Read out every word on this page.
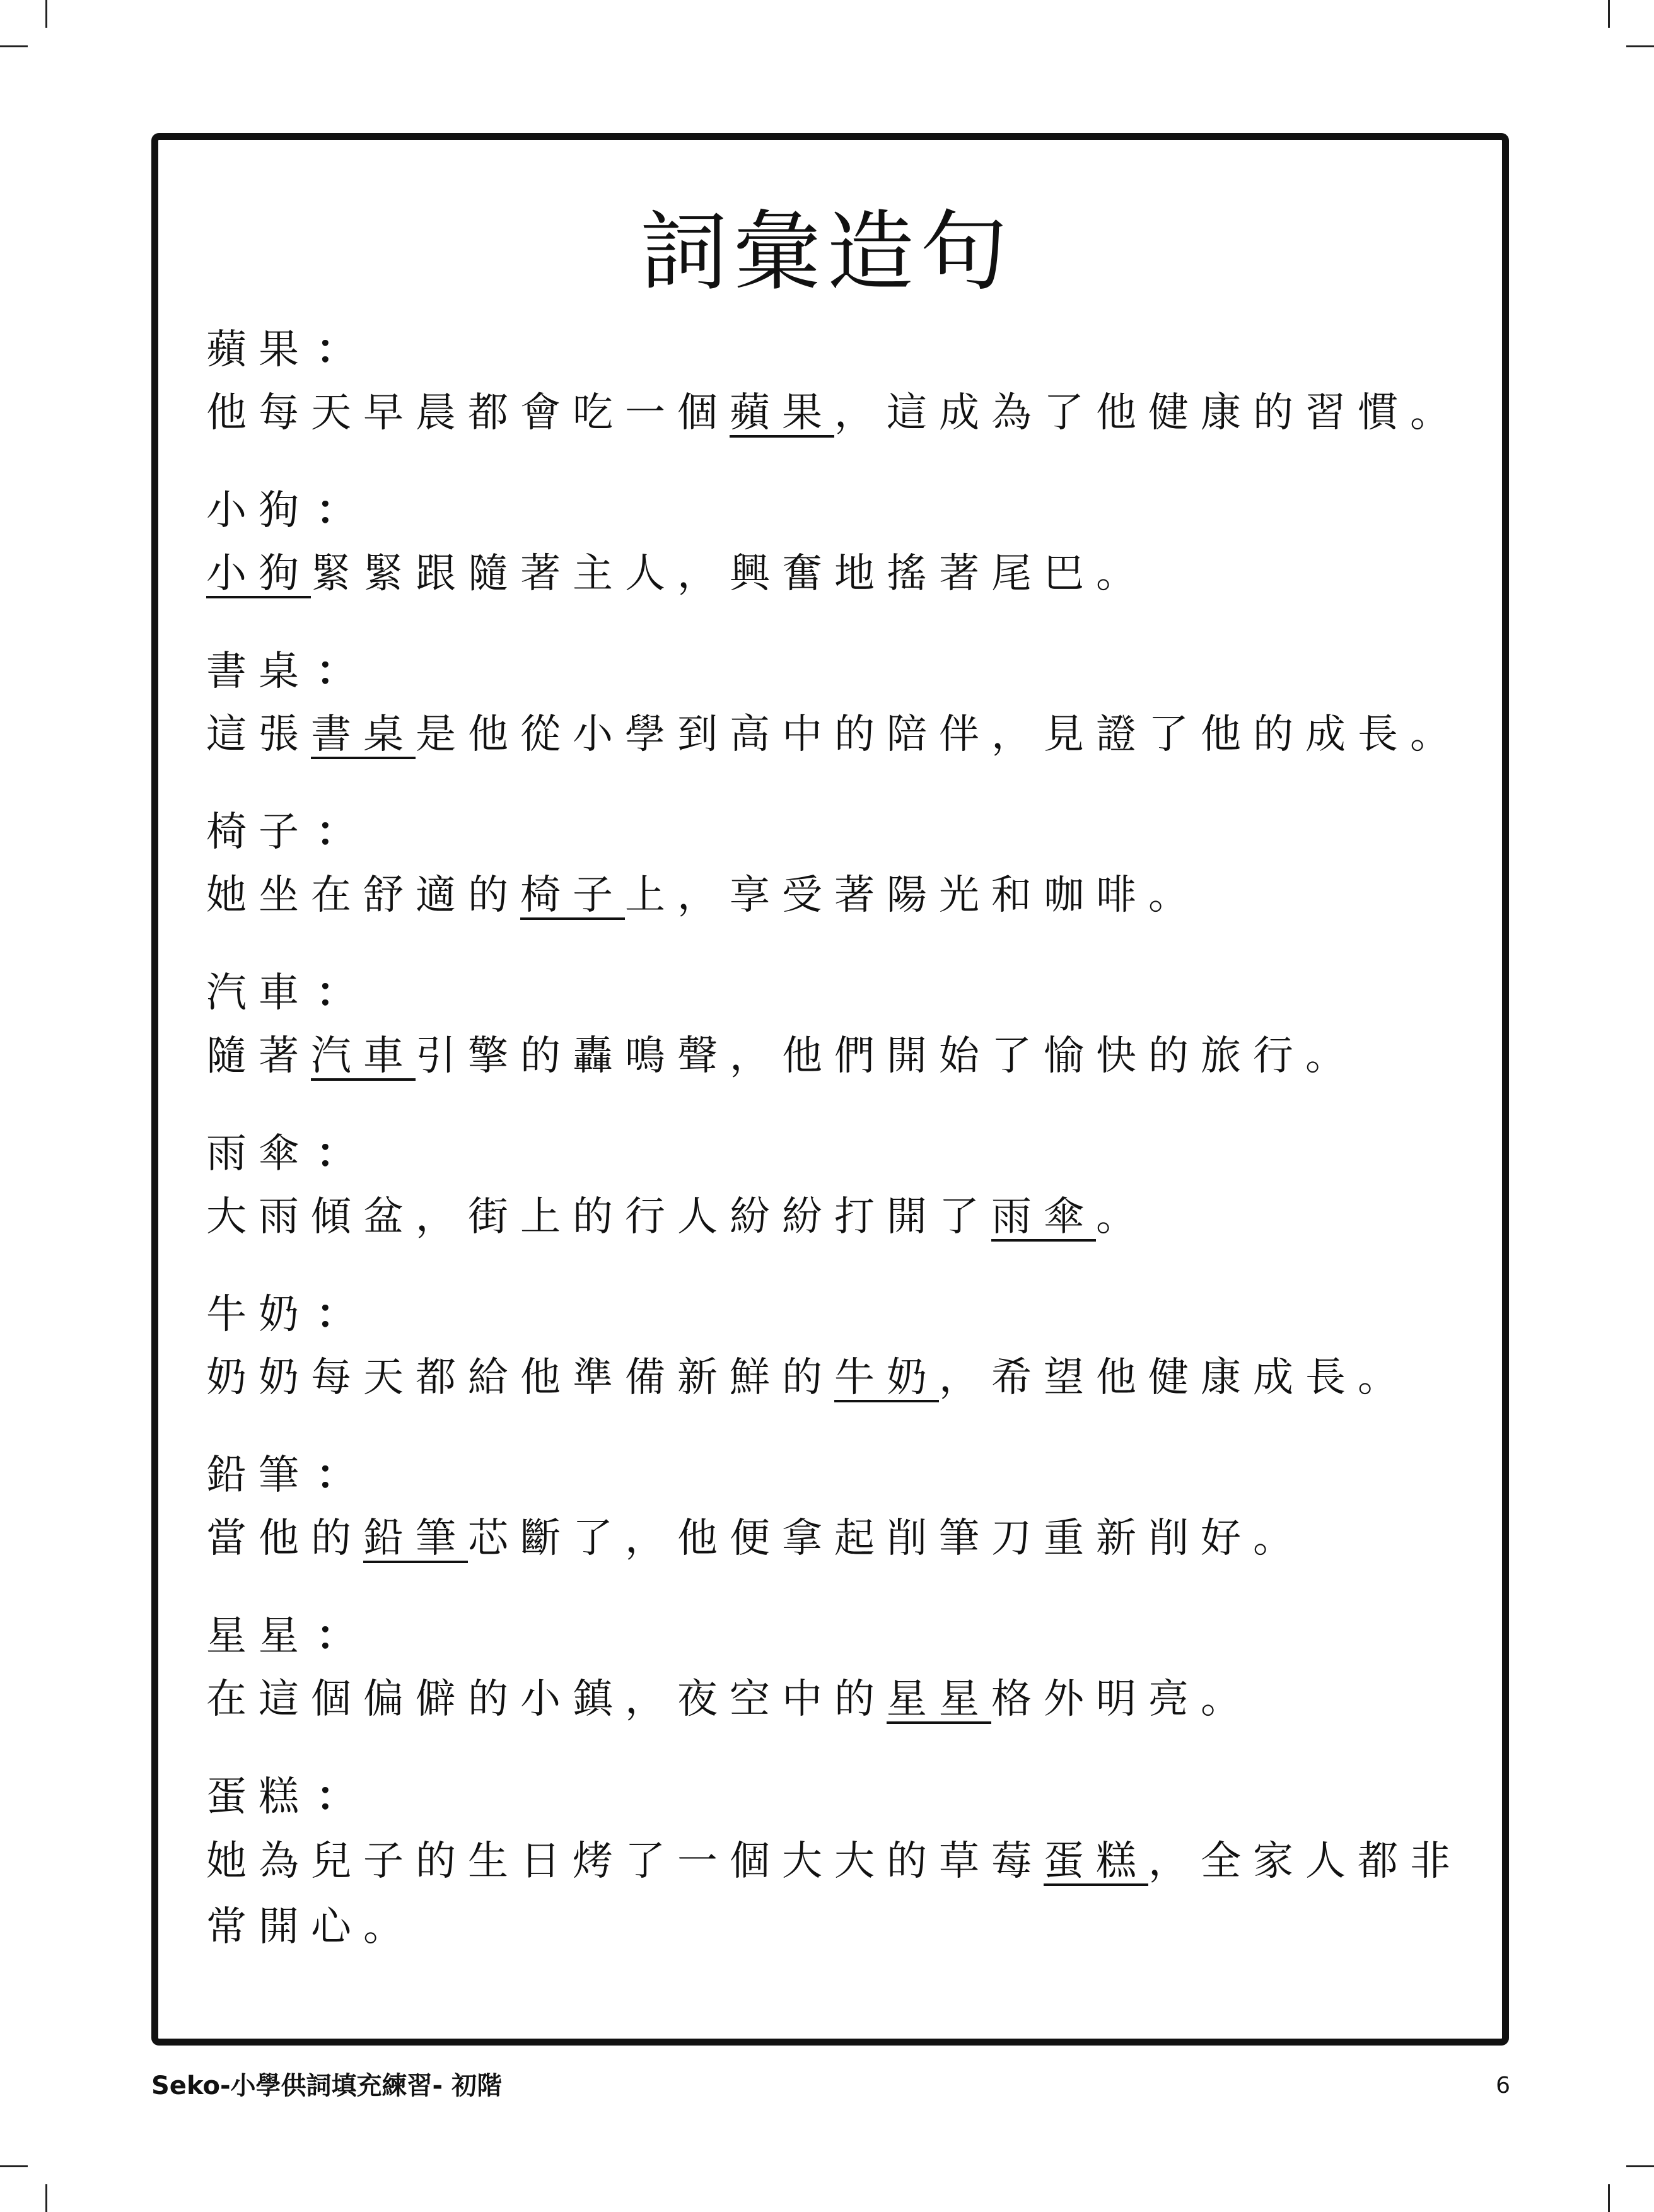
詞彙造句
蘋果 ：
他每天早晨都會吃一個蘋果，這成為了他健康的習慣。
小狗 ：
小狗緊緊跟隨著主人，興奮地搖著尾巴。
書桌 ：
這張書桌是他從小學到高中的陪伴，見證了他的成長。
椅子 ：
她坐在舒適的椅子上，享受著陽光和咖啡。
汽車 ：
隨著汽車引擎的轟鳴聲，他們開始了愉快的旅行。
雨傘 ：
大雨傾盆，街上的行人紛紛打開了雨傘。
牛奶 ：
奶奶每天都給他準備新鮮的牛奶，希望他健康成長。
鉛筆 ：
當他的鉛筆芯斷了，他便拿起削筆刀重新削好。
星星 ：
在這個偏僻的小鎮，夜空中的星星格外明亮。
蛋糕 ：
她為兒子的生日烤了一個大大的草莓蛋糕，全家人都非常開心。
Seko-小學供詞填充練習- 初階	6
